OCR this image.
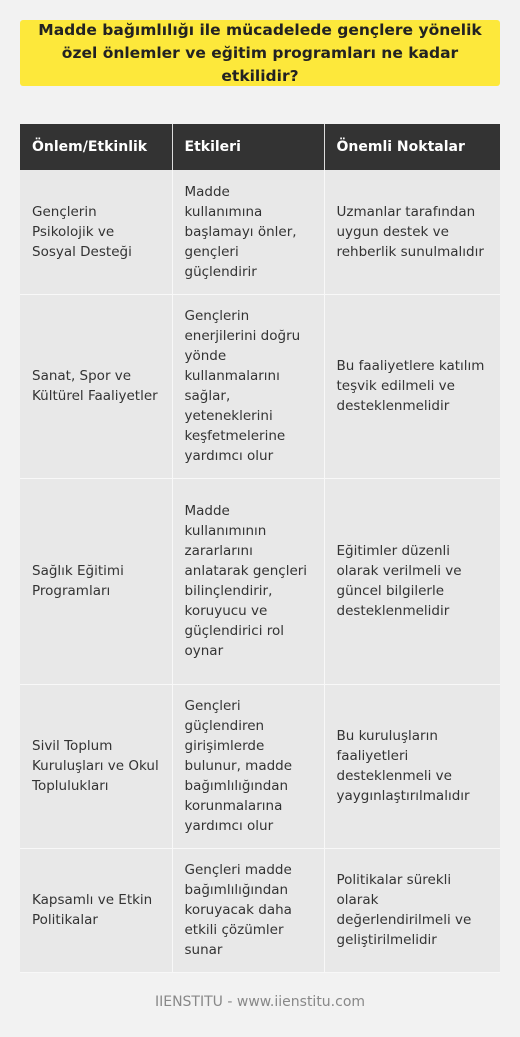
Madde bağımlılığı ile mücadelede gençlere yönelik özel önlemler ve eğitim programları ne kadar etkilidir?
Önlem/Etkinlik	Etkileri	Önemli Noktalar
Gençlerin Psikolojik ve Sosyal Desteği	Madde kullanımına başlamayı önler, gençleri güçlendirir	Uzmanlar tarafından uygun destek ve rehberlik sunulmalıdır
Sanat, Spor ve Kültürel Faaliyetler	Gençlerin enerjilerini doğru yönde kullanmalarını sağlar, yeteneklerini keşfetmelerine yardımcı olur	Bu faaliyetlere katılım teşvik edilmeli ve desteklenmelidir
Sağlık Eğitimi Programları	Madde kullanımının zararlarını anlatarak gençleri bilinçlendirir, koruyucu ve güçlendirici rol oynar	Eğitimler düzenli olarak verilmeli ve güncel bilgilerle desteklenmelidir
Sivil Toplum Kuruluşları ve Okul Toplulukları	Gençleri güçlendiren girişimlerde bulunur, madde bağımlılığından korunmalarına yardımcı olur	Bu kuruluşların faaliyetleri desteklenmeli ve yaygınlaştırılmalıdır
Kapsamlı ve Etkin Politikalar	Gençleri madde bağımlılığından koruyacak daha etkili çözümler sunar	Politikalar sürekli olarak değerlendirilmeli ve geliştirilmelidir
IIENSTITU - www.iienstitu.com
